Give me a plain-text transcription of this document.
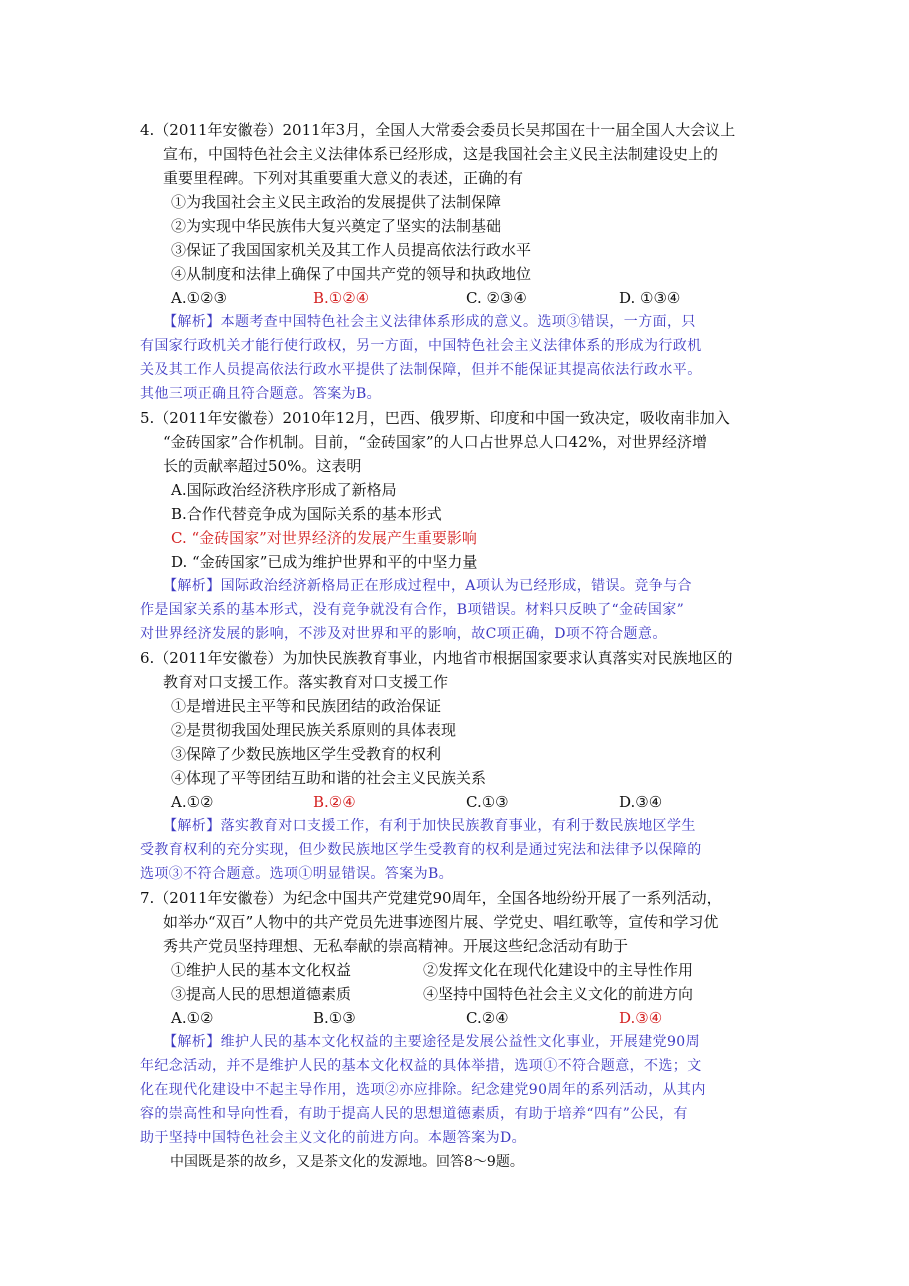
4.（2011年安徽卷）2011年3月，全国人大常委会委员长吴邦国在十一届全国人大会议上
宣布，中国特色社会主义法律体系已经形成，这是我国社会主义民主法制建设史上的
重要里程碑。下列对其重要重大意义的表述，正确的有
①为我国社会主义民主政治的发展提供了法制保障
②为实现中华民族伟大复兴奠定了坚实的法制基础
③保证了我国国家机关及其工作人员提高依法行政水平
④从制度和法律上确保了中国共产党的领导和执政地位
A.①②③	B.①②④	C. ②③④	D. ①③④
【解析】本题考查中国特色社会主义法律体系形成的意义。选项③错误，一方面，只
有国家行政机关才能行使行政权，另一方面，中国特色社会主义法律体系的形成为行政机
关及其工作人员提高依法行政水平提供了法制保障，但并不能保证其提高依法行政水平。
其他三项正确且符合题意。答案为B。
5.（2011年安徽卷）2010年12月，巴西、俄罗斯、印度和中国一致决定，吸收南非加入
“金砖国家”合作机制。目前，“金砖国家”的人口占世界总人口42%，对世界经济增
长的贡献率超过50%。这表明
A.国际政治经济秩序形成了新格局
B.合作代替竞争成为国际关系的基本形式
C. “金砖国家”对世界经济的发展产生重要影响
D. “金砖国家”已成为维护世界和平的中坚力量
【解析】国际政治经济新格局正在形成过程中，A项认为已经形成，错误。竞争与合
作是国家关系的基本形式，没有竞争就没有合作，B项错误。材料只反映了“金砖国家”
对世界经济发展的影响，不涉及对世界和平的影响，故C项正确，D项不符合题意。
6.（2011年安徽卷）为加快民族教育事业，内地省市根据国家要求认真落实对民族地区的
教育对口支援工作。落实教育对口支援工作
①是增进民主平等和民族团结的政治保证
②是贯彻我国处理民族关系原则的具体表现
③保障了少数民族地区学生受教育的权利
④体现了平等团结互助和谐的社会主义民族关系
A.①②	B.②④	C.①③	D.③④
【解析】落实教育对口支援工作，有利于加快民族教育事业，有利于数民族地区学生
受教育权利的充分实现，但少数民族地区学生受教育的权利是通过宪法和法律予以保障的
选项③不符合题意。选项①明显错误。答案为B。
7.（2011年安徽卷）为纪念中国共产党建党90周年，全国各地纷纷开展了一系列活动，
如举办“双百”人物中的共产党员先进事迹图片展、学党史、唱红歌等，宣传和学习优
秀共产党员坚持理想、无私奉献的崇高精神。开展这些纪念活动有助于
①维护人民的基本文化权益	②发挥文化在现代化建设中的主导性作用
③提高人民的思想道德素质	④坚持中国特色社会主义文化的前进方向
A.①②	B.①③	C.②④	D.③④
【解析】维护人民的基本文化权益的主要途径是发展公益性文化事业，开展建党90周
年纪念活动，并不是维护人民的基本文化权益的具体举措，选项①不符合题意，不选；文
化在现代化建设中不起主导作用，选项②亦应排除。纪念建党90周年的系列活动，从其内
容的崇高性和导向性看，有助于提高人民的思想道德素质，有助于培养“四有”公民，有
助于坚持中国特色社会主义文化的前进方向。本题答案为D。
中国既是茶的故乡，又是茶文化的发源地。回答8～9题。
